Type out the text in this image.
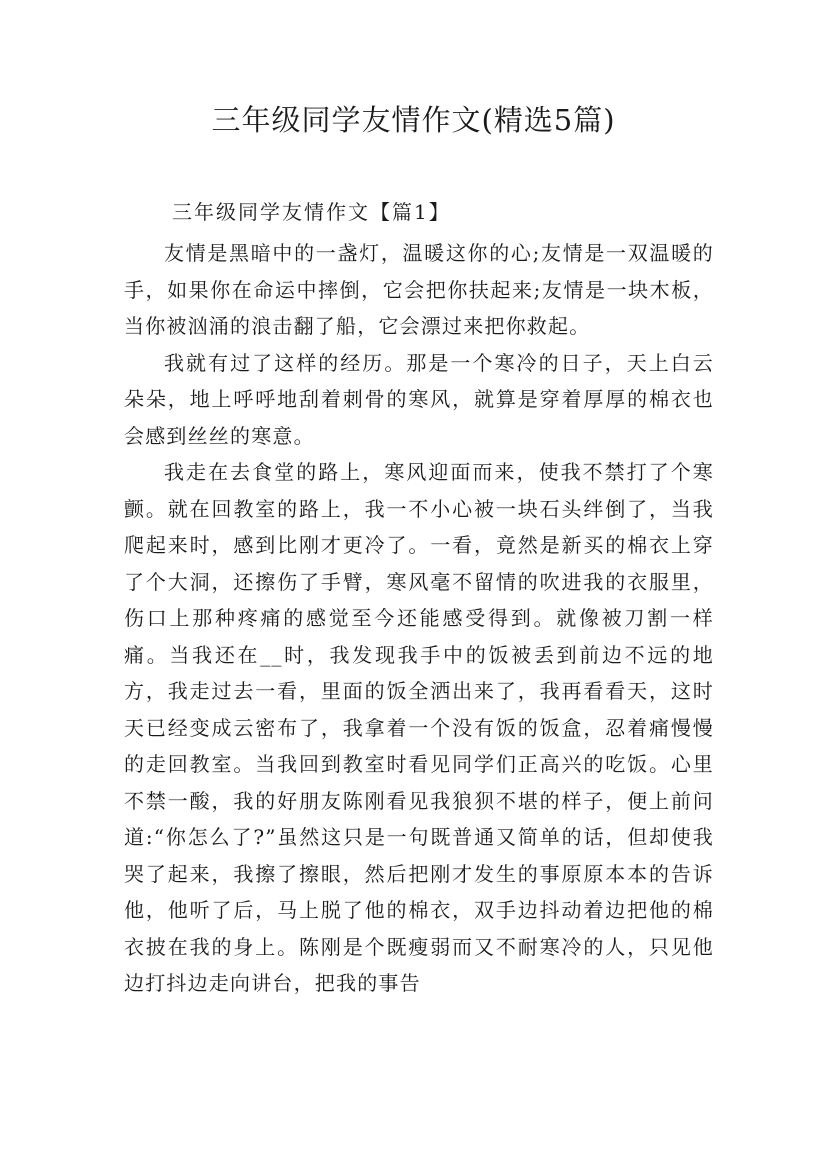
三年级同学友情作文(精选5篇)

三年级同学友情作文【篇1】

友情是黑暗中的一盏灯，温暖这你的心;友情是一双温暖的手，如果你在命运中摔倒，它会把你扶起来;友情是一块木板，当你被汹涌的浪击翻了船，它会漂过来把你救起。

我就有过了这样的经历。那是一个寒冷的日子，天上白云朵朵，地上呼呼地刮着刺骨的寒风，就算是穿着厚厚的棉衣也会感到丝丝的寒意。

我走在去食堂的路上，寒风迎面而来，使我不禁打了个寒颤。就在回教室的路上，我一不小心被一块石头绊倒了，当我爬起来时，感到比刚才更冷了。一看，竟然是新买的棉衣上穿了个大洞，还擦伤了手臂，寒风毫不留情的吹进我的衣服里，伤口上那种疼痛的感觉至今还能感受得到。就像被刀割一样痛。当我还在__时，我发现我手中的饭被丢到前边不远的地方，我走过去一看，里面的饭全洒出来了，我再看看天，这时天已经变成云密布了，我拿着一个没有饭的饭盒，忍着痛慢慢的走回教室。当我回到教室时看见同学们正高兴的吃饭。心里不禁一酸，我的好朋友陈刚看见我狼狈不堪的样子，便上前问道:“你怎么了?”虽然这只是一句既普通又简单的话，但却使我哭了起来，我擦了擦眼，然后把刚才发生的事原原本本的告诉他，他听了后，马上脱了他的棉衣，双手边抖动着边把他的棉衣披在我的身上。陈刚是个既瘦弱而又不耐寒冷的人，只见他边打抖边走向讲台，把我的事告
